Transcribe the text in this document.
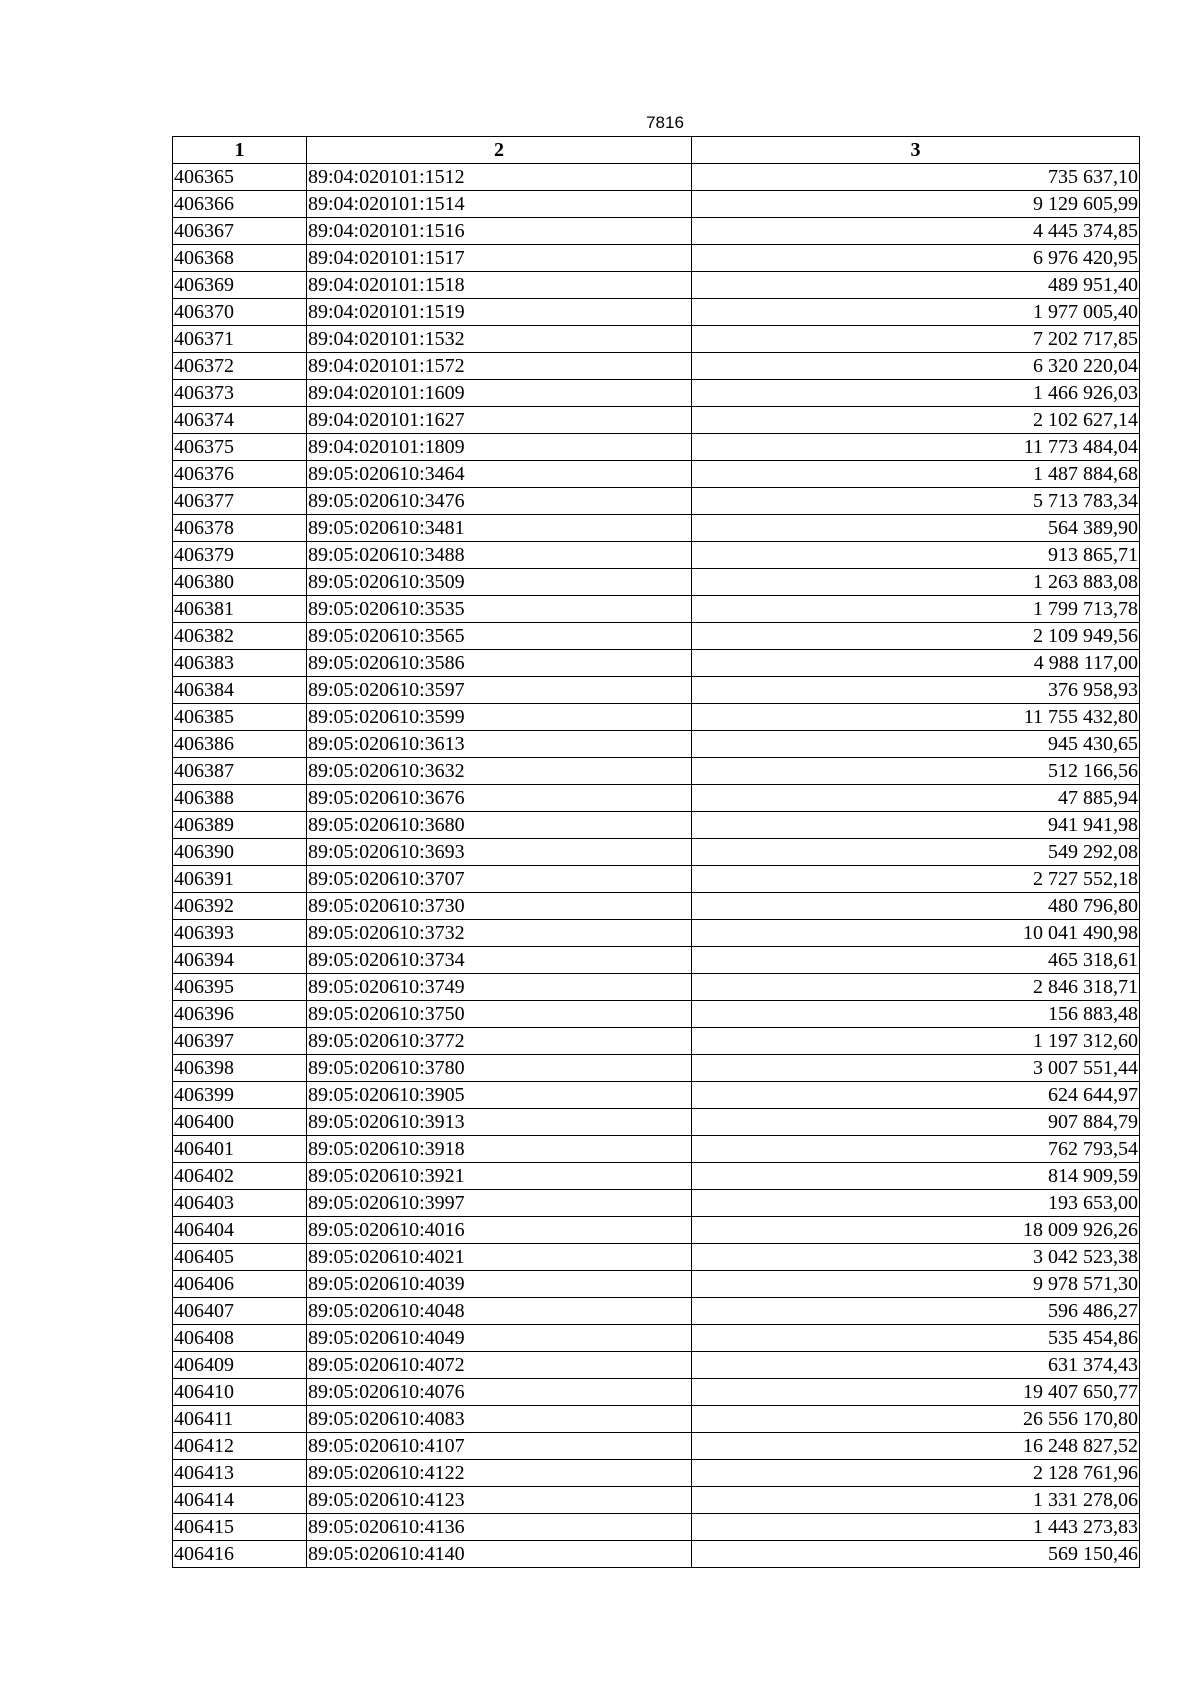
7816
1	2	3
406365	89:04:020101:1512	735 637,10
406366	89:04:020101:1514	9 129 605,99
406367	89:04:020101:1516	4 445 374,85
406368	89:04:020101:1517	6 976 420,95
406369	89:04:020101:1518	489 951,40
406370	89:04:020101:1519	1 977 005,40
406371	89:04:020101:1532	7 202 717,85
406372	89:04:020101:1572	6 320 220,04
406373	89:04:020101:1609	1 466 926,03
406374	89:04:020101:1627	2 102 627,14
406375	89:04:020101:1809	11 773 484,04
406376	89:05:020610:3464	1 487 884,68
406377	89:05:020610:3476	5 713 783,34
406378	89:05:020610:3481	564 389,90
406379	89:05:020610:3488	913 865,71
406380	89:05:020610:3509	1 263 883,08
406381	89:05:020610:3535	1 799 713,78
406382	89:05:020610:3565	2 109 949,56
406383	89:05:020610:3586	4 988 117,00
406384	89:05:020610:3597	376 958,93
406385	89:05:020610:3599	11 755 432,80
406386	89:05:020610:3613	945 430,65
406387	89:05:020610:3632	512 166,56
406388	89:05:020610:3676	47 885,94
406389	89:05:020610:3680	941 941,98
406390	89:05:020610:3693	549 292,08
406391	89:05:020610:3707	2 727 552,18
406392	89:05:020610:3730	480 796,80
406393	89:05:020610:3732	10 041 490,98
406394	89:05:020610:3734	465 318,61
406395	89:05:020610:3749	2 846 318,71
406396	89:05:020610:3750	156 883,48
406397	89:05:020610:3772	1 197 312,60
406398	89:05:020610:3780	3 007 551,44
406399	89:05:020610:3905	624 644,97
406400	89:05:020610:3913	907 884,79
406401	89:05:020610:3918	762 793,54
406402	89:05:020610:3921	814 909,59
406403	89:05:020610:3997	193 653,00
406404	89:05:020610:4016	18 009 926,26
406405	89:05:020610:4021	3 042 523,38
406406	89:05:020610:4039	9 978 571,30
406407	89:05:020610:4048	596 486,27
406408	89:05:020610:4049	535 454,86
406409	89:05:020610:4072	631 374,43
406410	89:05:020610:4076	19 407 650,77
406411	89:05:020610:4083	26 556 170,80
406412	89:05:020610:4107	16 248 827,52
406413	89:05:020610:4122	2 128 761,96
406414	89:05:020610:4123	1 331 278,06
406415	89:05:020610:4136	1 443 273,83
406416	89:05:020610:4140	569 150,46
